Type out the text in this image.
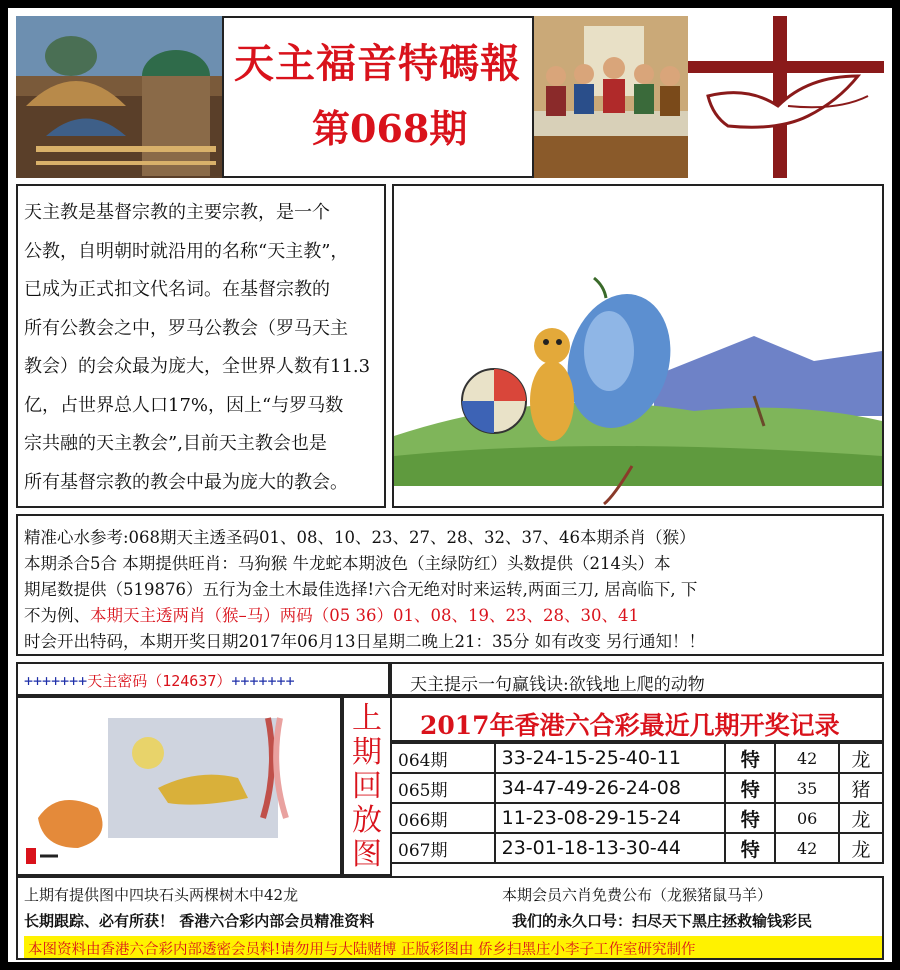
天主福音特碼報
第068期
天主教是基督宗教的主要宗教，是一个
公教，自明朝时就沿用的名称“天主教”，
已成为正式扣文代名词。在基督宗教的
所有公教会之中，罗马公教会（罗马天主
教会）的会众最为庞大，全世界人数有11.3
亿，占世界总人口17%，因上“与罗马数
宗共融的天主教会”,目前天主教会也是
所有基督宗教的教会中最为庞大的教会。
精准心水参考:068期天主透圣码01、08、10、23、27、28、32、37、46本期杀肖（猴）
本期杀合5合 本期提供旺肖：马狗猴 牛龙蛇本期波色（主绿防红）头数提供（214头）本
期尾数提供（519876）五行为金土木最佳选择!六合无绝对时来运转,两面三刀, 居高临下, 下
不为例、本期天主透两肖（猴–马）两码（05 36）01、08、19、23、28、30、41
时会开出特码，本期开奖日期2017年06月13日星期二晚上21：35分 如有改变 另行通知！！
+++++++天主密码（124637）+++++++	天主提示一句赢钱诀:欲钱地上爬的动物
上
期
回
放
图
2017年香港六合彩最近几期开奖记录
064期	33-24-15-25-40-11	特	42	龙
065期	34-47-49-26-24-08	特	35	猪
066期	11-23-08-29-15-24	特	06	龙
067期	23-01-18-13-30-44	特	42	龙
上期有提供图中四块石头两棵树木中42龙	本期会员六肖免费公布（龙猴猪鼠马羊）
长期跟踪、必有所获！ 香港六合彩内部会员精准资料	我们的永久口号：扫尽天下黑庄拯救输钱彩民
本图资料由香港六合彩内部透密会员料!请勿用与大陆赌博 正版彩图由 侨乡扫黑庄小李子工作室研究制作
